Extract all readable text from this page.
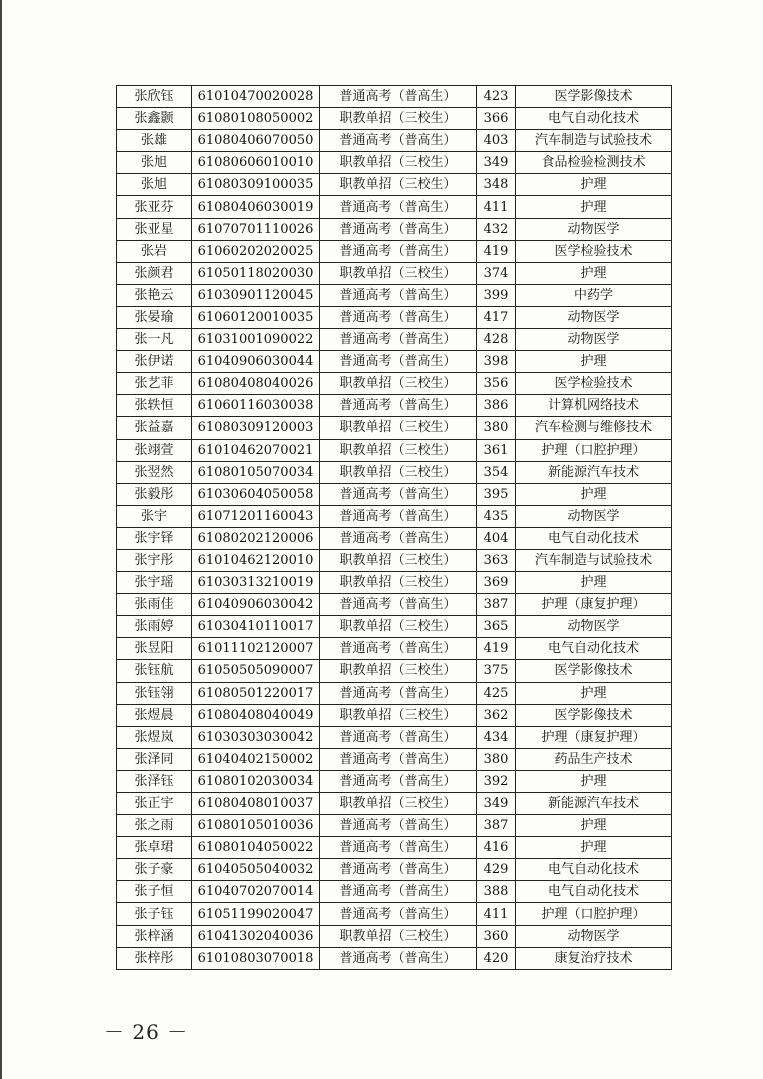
张欣钰	61010470020028	普通高考（普高生）	423	医学影像技术
张鑫颢	61080108050002	职教单招（三校生）	366	电气自动化技术
张雄	61080406070050	普通高考（普高生）	403	汽车制造与试验技术
张旭	61080606010010	职教单招（三校生）	349	食品检验检测技术
张旭	61080309100035	职教单招（三校生）	348	护理
张亚芬	61080406030019	普通高考（普高生）	411	护理
张亚星	61070701110026	普通高考（普高生）	432	动物医学
张岩	61060202020025	普通高考（普高生）	419	医学检验技术
张颜君	61050118020030	职教单招（三校生）	374	护理
张艳云	61030901120045	普通高考（普高生）	399	中药学
张晏瑜	61060120010035	普通高考（普高生）	417	动物医学
张一凡	61031001090022	普通高考（普高生）	428	动物医学
张伊诺	61040906030044	普通高考（普高生）	398	护理
张艺菲	61080408040026	职教单招（三校生）	356	医学检验技术
张轶恒	61060116030038	普通高考（普高生）	386	计算机网络技术
张益嘉	61080309120003	职教单招（三校生）	380	汽车检测与维修技术
张翊萱	61010462070021	职教单招（三校生）	361	护理（口腔护理）
张翌然	61080105070034	职教单招（三校生）	354	新能源汽车技术
张毅彤	61030604050058	普通高考（普高生）	395	护理
张宇	61071201160043	普通高考（普高生）	435	动物医学
张宇铎	61080202120006	普通高考（普高生）	404	电气自动化技术
张宇彤	61010462120010	职教单招（三校生）	363	汽车制造与试验技术
张宇瑶	61030313210019	职教单招（三校生）	369	护理
张雨佳	61040906030042	普通高考（普高生）	387	护理（康复护理）
张雨婷	61030410110017	职教单招（三校生）	365	动物医学
张昱阳	61011102120007	普通高考（普高生）	419	电气自动化技术
张钰航	61050505090007	职教单招（三校生）	375	医学影像技术
张钰翎	61080501220017	普通高考（普高生）	425	护理
张煜晨	61080408040049	职教单招（三校生）	362	医学影像技术
张煜岚	61030303030042	普通高考（普高生）	434	护理（康复护理）
张泽同	61040402150002	普通高考（普高生）	380	药品生产技术
张泽钰	61080102030034	普通高考（普高生）	392	护理
张正宇	61080408010037	职教单招（三校生）	349	新能源汽车技术
张之雨	61080105010036	普通高考（普高生）	387	护理
张卓珺	61080104050022	普通高考（普高生）	416	护理
张子豪	61040505040032	普通高考（普高生）	429	电气自动化技术
张子恒	61040702070014	普通高考（普高生）	388	电气自动化技术
张子钰	61051199020047	普通高考（普高生）	411	护理（口腔护理）
张梓涵	61041302040036	职教单招（三校生）	360	动物医学
张梓彤	61010803070018	普通高考（普高生）	420	康复治疗技术
－ 26 －
